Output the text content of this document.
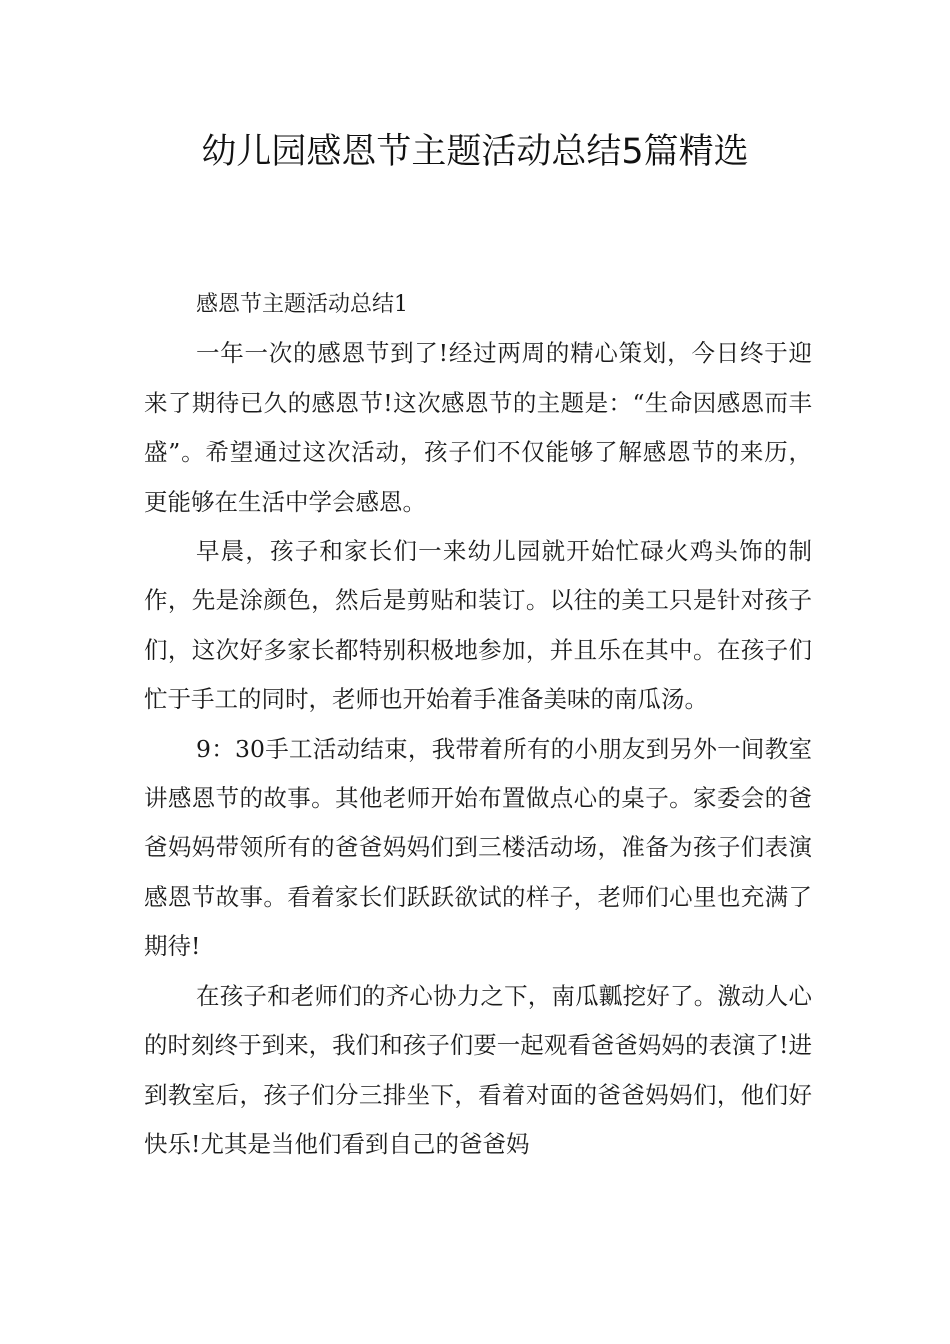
幼儿园感恩节主题活动总结5篇精选

感恩节主题活动总结1

一年一次的感恩节到了!经过两周的精心策划，今日终于迎来了期待已久的感恩节!这次感恩节的主题是：“生命因感恩而丰盛”。希望通过这次活动，孩子们不仅能够了解感恩节的来历，更能够在生活中学会感恩。

早晨，孩子和家长们一来幼儿园就开始忙碌火鸡头饰的制作，先是涂颜色，然后是剪贴和装订。以往的美工只是针对孩子们，这次好多家长都特别积极地参加，并且乐在其中。在孩子们忙于手工的同时，老师也开始着手准备美味的南瓜汤。

9：30手工活动结束，我带着所有的小朋友到另外一间教室讲感恩节的故事。其他老师开始布置做点心的桌子。家委会的爸爸妈妈带领所有的爸爸妈妈们到三楼活动场，准备为孩子们表演感恩节故事。看着家长们跃跃欲试的样子，老师们心里也充满了期待!

在孩子和老师们的齐心协力之下，南瓜瓤挖好了。激动人心的时刻终于到来，我们和孩子们要一起观看爸爸妈妈的表演了!进到教室后，孩子们分三排坐下，看着对面的爸爸妈妈们，他们好快乐!尤其是当他们看到自己的爸爸妈
